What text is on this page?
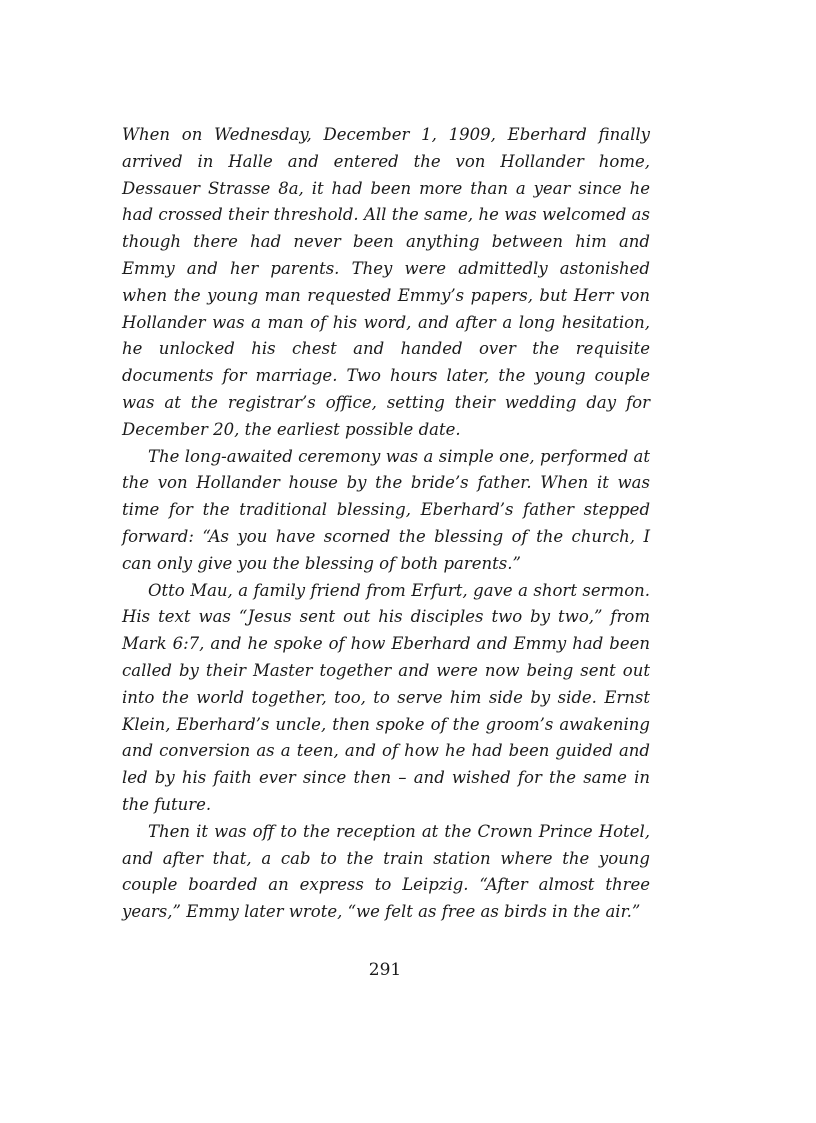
When on Wednesday, December 1, 1909, Eberhard finally arrived in Halle and entered the von Hollander home, Dessauer Strasse 8a, it had been more than a year since he had crossed their threshold. All the same, he was welcomed as though there had never been anything between him and Emmy and her parents. They were admittedly astonished when the young man requested Emmy’s papers, but Herr von Hollander was a man of his word, and after a long hesitation, he unlocked his chest and handed over the requisite documents for marriage. Two hours later, the young couple was at the registrar’s office, setting their wedding day for December 20, the earliest possible date.

The long-awaited ceremony was a simple one, performed at the von Hollander house by the bride’s father. When it was time for the traditional blessing, Eberhard’s father stepped forward: “As you have scorned the blessing of the church, I can only give you the blessing of both parents.”

Otto Mau, a family friend from Erfurt, gave a short sermon. His text was “Jesus sent out his disciples two by two,” from Mark 6:7, and he spoke of how Eberhard and Emmy had been called by their Master together and were now being sent out into the world together, too, to serve him side by side. Ernst Klein, Eberhard’s uncle, then spoke of the groom’s awakening and conversion as a teen, and of how he had been guided and led by his faith ever since then – and wished for the same in the future.

Then it was off to the reception at the Crown Prince Hotel, and after that, a cab to the train station where the young couple boarded an express to Leipzig. “After almost three years,” Emmy later wrote, “we felt as free as birds in the air.”

291
